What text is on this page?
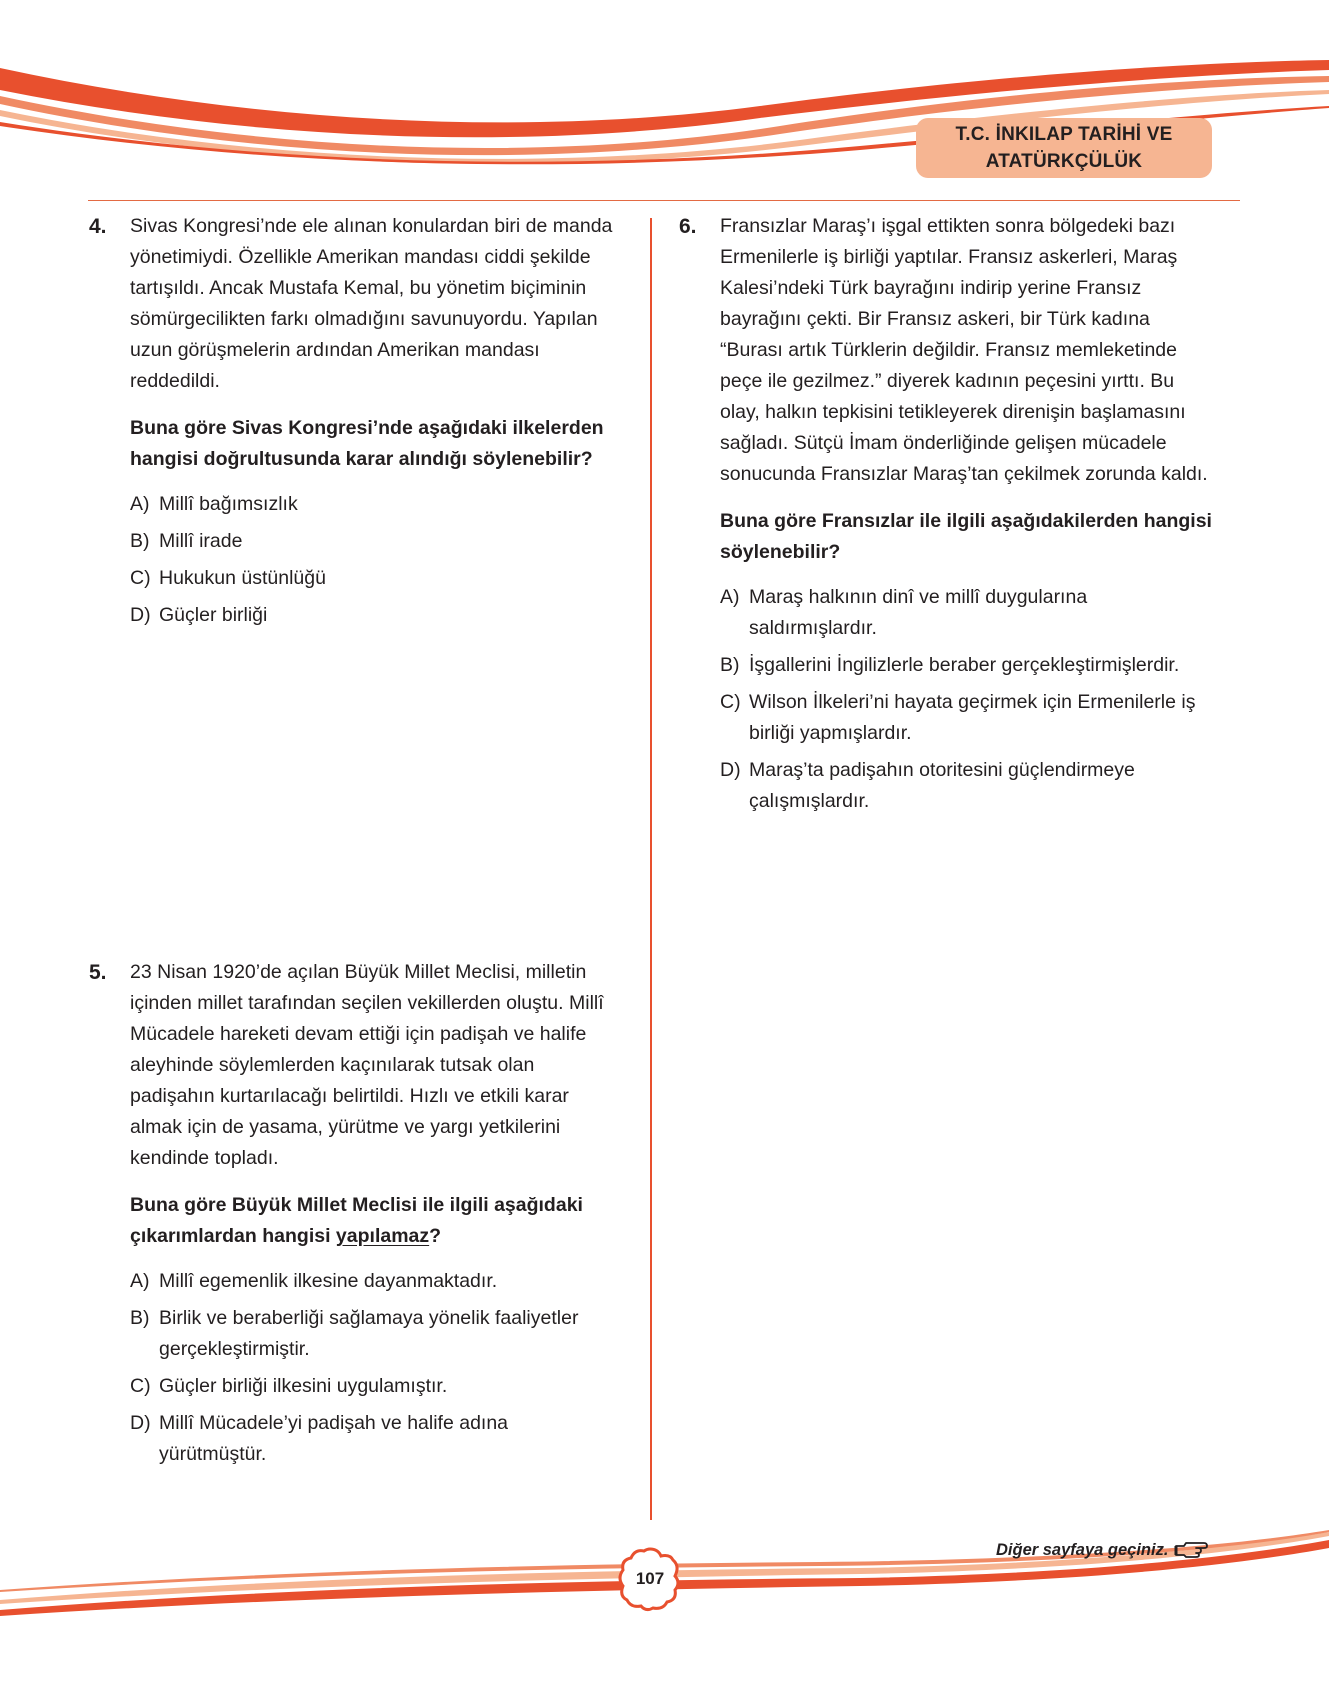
T.C. İNKILAP TARİHİ VE
ATATÜRKÇÜLÜK
4. Sivas Kongresi’nde ele alınan konulardan biri de manda yönetimiydi. Özellikle Amerikan mandası ciddi şekilde tartışıldı. Ancak Mustafa Kemal, bu yönetim biçiminin sömürgecilikten farkı olmadığını savunuyordu. Yapılan uzun görüşmelerin ardından Amerikan mandası reddedildi.

Buna göre Sivas Kongresi’nde aşağıdaki ilkelerden hangisi doğrultusunda karar alındığı söylenebilir?

A) Millî bağımsızlık
B) Millî irade
C) Hukukun üstünlüğü
D) Güçler birliği
5. 23 Nisan 1920’de açılan Büyük Millet Meclisi, milletin içinden millet tarafından seçilen vekillerden oluştu. Millî Mücadele hareketi devam ettiği için padişah ve halife aleyhinde söylemlerden kaçınılarak tutsak olan padişahın kurtarılacağı belirtildi. Hızlı ve etkili karar almak için de yasama, yürütme ve yargı yetkilerini kendinde topladı.

Buna göre Büyük Millet Meclisi ile ilgili aşağıdaki çıkarımlardan hangisi yapılamaz?

A) Millî egemenlik ilkesine dayanmaktadır.
B) Birlik ve beraberliği sağlamaya yönelik faaliyetler gerçekleştirmiştir.
C) Güçler birliği ilkesini uygulamıştır.
D) Millî Mücadele’yi padişah ve halife adına yürütmüştür.
6. Fransızlar Maraş’ı işgal ettikten sonra bölgedeki bazı Ermenilerle iş birliği yaptılar. Fransız askerleri, Maraş Kalesi’ndeki Türk bayrağını indirip yerine Fransız bayrağını çekti. Bir Fransız askeri, bir Türk kadına “Burası artık Türklerin değildir. Fransız memleketinde peçe ile gezilmez.” diyerek kadının peçesini yırttı. Bu olay, halkın tepkisini tetikleyerek direnişin başlamasını sağladı. Sütçü İmam önderliğinde gelişen mücadele sonucunda Fransızlar Maraş’tan çekilmek zorunda kaldı.

Buna göre Fransızlar ile ilgili aşağıdakilerden hangisi söylenebilir?

A) Maraş halkının dinî ve millî duygularına saldırmışlardır.
B) İşgallerini İngilizlerle beraber gerçekleştirmişlerdir.
C) Wilson İlkeleri’ni hayata geçirmek için Ermenilerle iş birliği yapmışlardır.
D) Maraş’ta padişahın otoritesini güçlendirmeye çalışmışlardır.
Diğer sayfaya geçiniz.
107
